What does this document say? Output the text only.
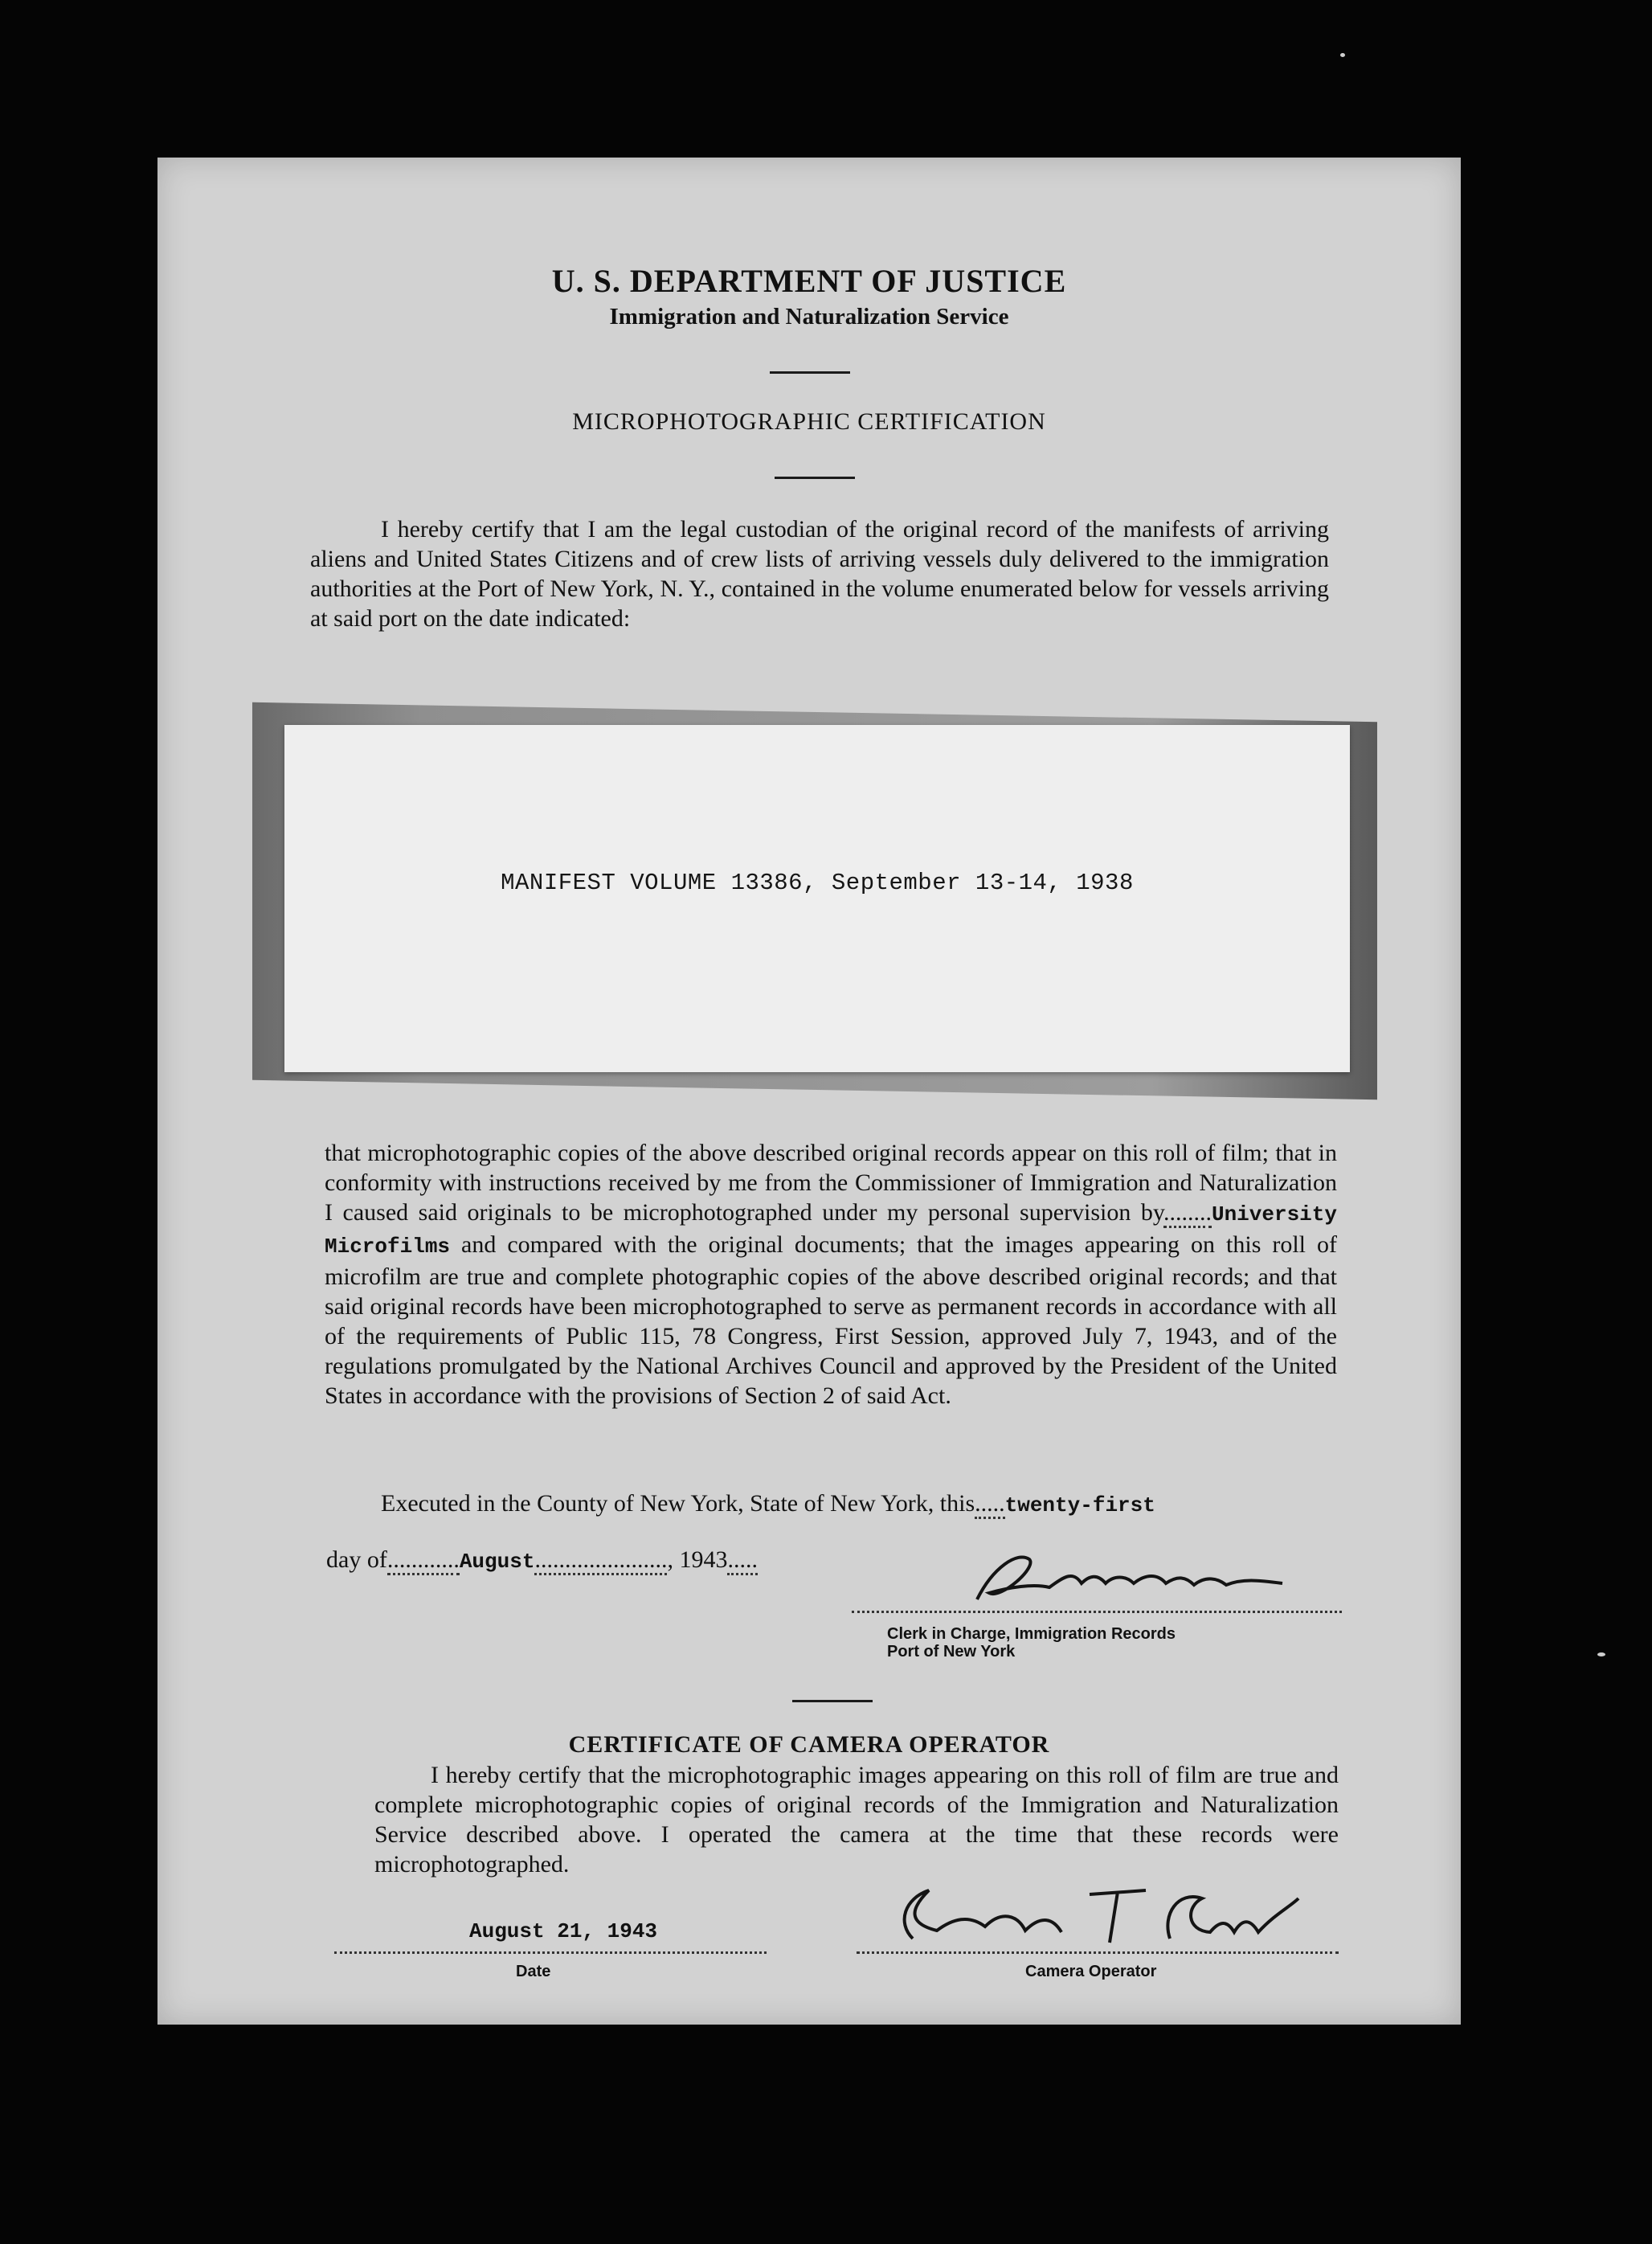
U. S. DEPARTMENT OF JUSTICE
Immigration and Naturalization Service
MICROPHOTOGRAPHIC CERTIFICATION

I hereby certify that I am the legal custodian of the original record of the manifests of arriving aliens and United States Citizens and of crew lists of arriving vessels duly delivered to the immigration authorities at the Port of New York, N. Y., contained in the volume enumerated below for vessels arriving at said port on the date indicated:

MANIFEST VOLUME 13386, September 13-14, 1938

that microphotographic copies of the above described original records appear on this roll of film; that in conformity with instructions received by me from the Commissioner of Immigration and Naturalization I caused said originals to be microphotographed under my personal supervision by........University Microfilms and compared with the original documents; that the images appearing on this roll of microfilm are true and complete photographic copies of the above described original records; and that said original records have been microphotographed to serve as permanent records in accordance with all of the requirements of Public 115, 78 Congress, First Session, approved July 7, 1943, and of the regulations promulgated by the National Archives Council and approved by the President of the United States in accordance with the provisions of Section 2 of said Act.

Executed in the County of New York, State of New York, this.....twenty-first
day of............August......................, 1943.....
Clerk in Charge, Immigration Records
Port of New York
CERTIFICATE OF CAMERA OPERATOR

I hereby certify that the microphotographic images appearing on this roll of film are true and complete microphotographic copies of original records of the Immigration and Naturalization Service described above. I operated the camera at the time that these records were microphotographed.

August 21, 1943
Date	Camera Operator
